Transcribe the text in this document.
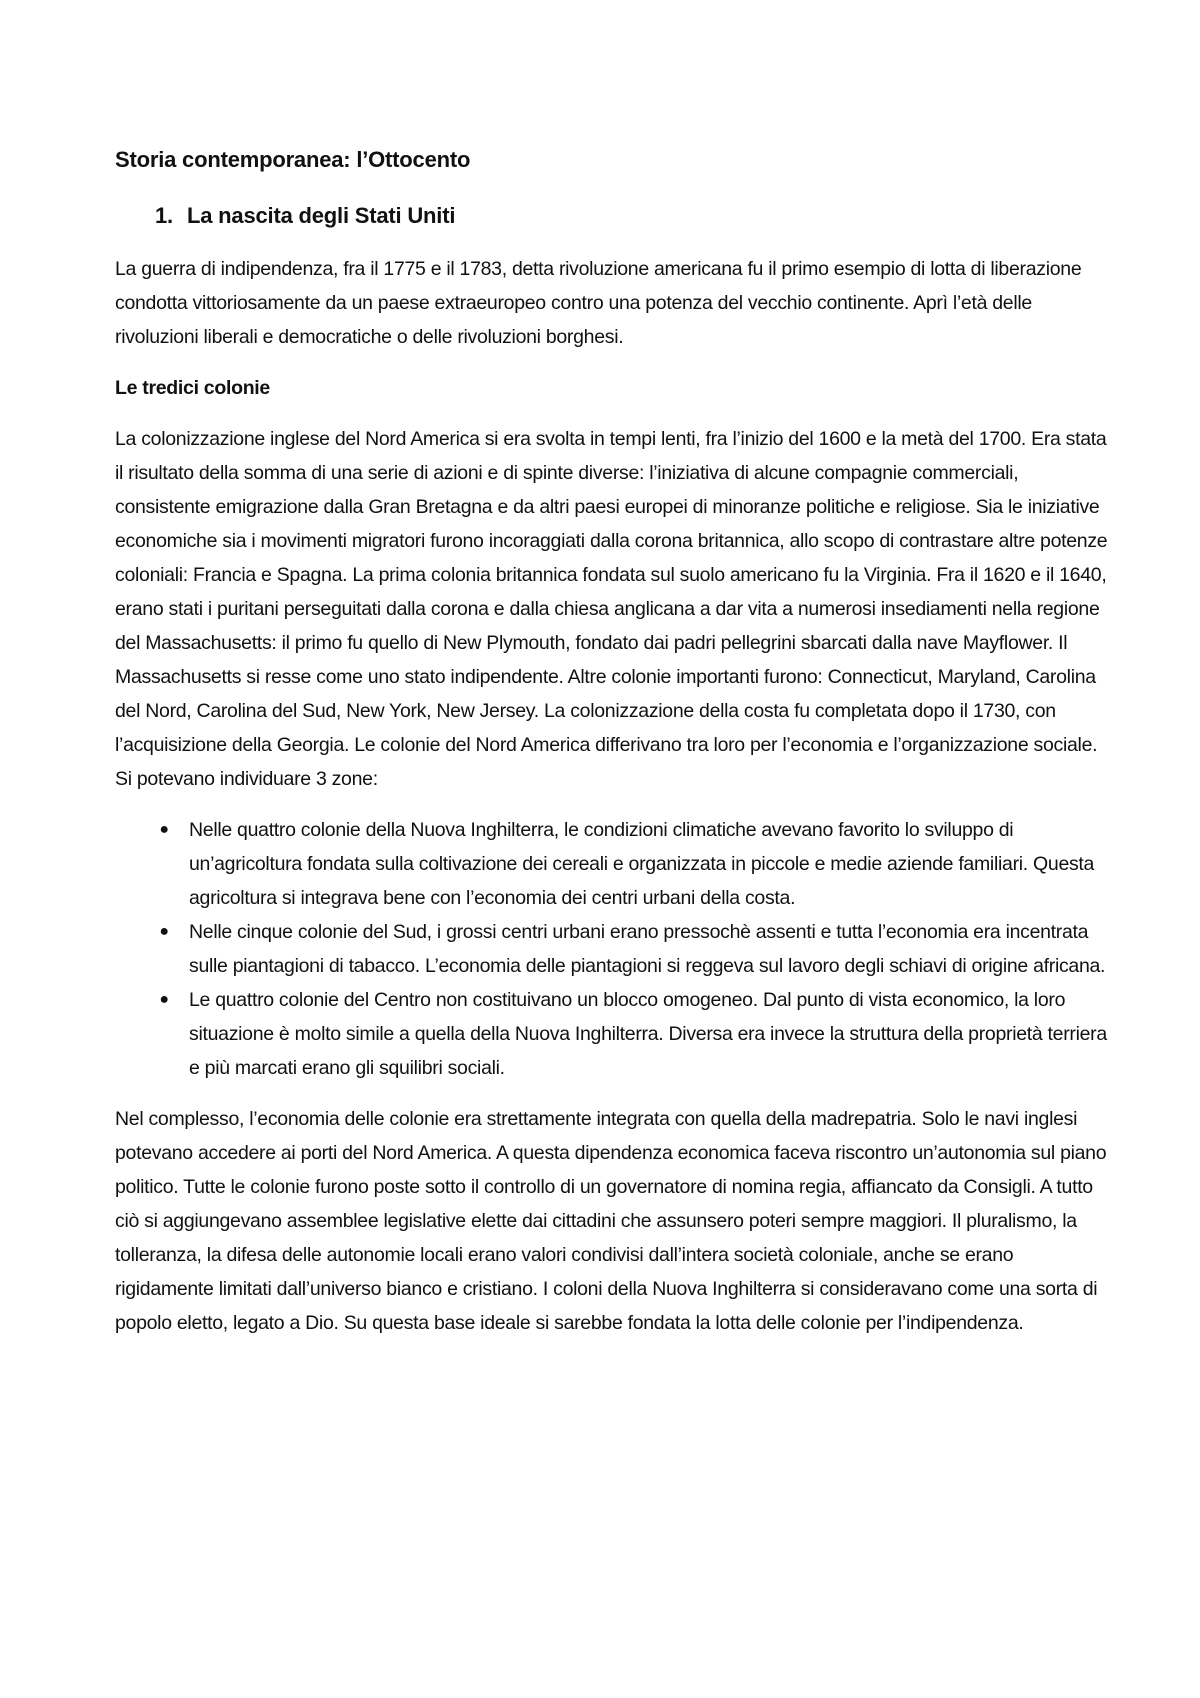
Storia contemporanea: l’Ottocento
1. La nascita degli Stati Uniti

La guerra di indipendenza, fra il 1775 e il 1783, detta rivoluzione americana fu il primo esempio di lotta di liberazione condotta vittoriosamente da un paese extraeuropeo contro una potenza del vecchio continente. Aprì l’età delle rivoluzioni liberali e democratiche o delle rivoluzioni borghesi.

Le tredici colonie

La colonizzazione inglese del Nord America si era svolta in tempi lenti, fra l’inizio del 1600 e la metà del 1700. Era stata il risultato della somma di una serie di azioni e di spinte diverse: l’iniziativa di alcune compagnie commerciali, consistente emigrazione dalla Gran Bretagna e da altri paesi europei di minoranze politiche e religiose. Sia le iniziative economiche sia i movimenti migratori furono incoraggiati dalla corona britannica, allo scopo di contrastare altre potenze coloniali: Francia e Spagna. La prima colonia britannica fondata sul suolo americano fu la Virginia. Fra il 1620 e il 1640, erano stati i puritani perseguitati dalla corona e dalla chiesa anglicana a dar vita a numerosi insediamenti nella regione del Massachusetts: il primo fu quello di New Plymouth, fondato dai padri pellegrini sbarcati dalla nave Mayflower. Il Massachusetts si resse come uno stato indipendente. Altre colonie importanti furono: Connecticut, Maryland, Carolina del Nord, Carolina del Sud, New York, New Jersey. La colonizzazione della costa fu completata dopo il 1730, con l’acquisizione della Georgia. Le colonie del Nord America differivano tra loro per l’economia e l’organizzazione sociale. Si potevano individuare 3 zone:

● Nelle quattro colonie della Nuova Inghilterra, le condizioni climatiche avevano favorito lo sviluppo di un’agricoltura fondata sulla coltivazione dei cereali e organizzata in piccole e medie aziende familiari. Questa agricoltura si integrava bene con l’economia dei centri urbani della costa.
● Nelle cinque colonie del Sud, i grossi centri urbani erano pressochè assenti e tutta l’economia era incentrata sulle piantagioni di tabacco. L’economia delle piantagioni si reggeva sul lavoro degli schiavi di origine africana.
● Le quattro colonie del Centro non costituivano un blocco omogeneo. Dal punto di vista economico, la loro situazione è molto simile a quella della Nuova Inghilterra. Diversa era invece la struttura della proprietà terriera e più marcati erano gli squilibri sociali.

Nel complesso, l’economia delle colonie era strettamente integrata con quella della madrepatria. Solo le navi inglesi potevano accedere ai porti del Nord America. A questa dipendenza economica faceva riscontro un’autonomia sul piano politico. Tutte le colonie furono poste sotto il controllo di un governatore di nomina regia, affiancato da Consigli. A tutto ciò si aggiungevano assemblee legislative elette dai cittadini che assunsero poteri sempre maggiori. Il pluralismo, la tolleranza, la difesa delle autonomie locali erano valori condivisi dall’intera società coloniale, anche se erano rigidamente limitati dall’universo bianco e cristiano. I coloni della Nuova Inghilterra si consideravano come una sorta di popolo eletto, legato a Dio. Su questa base ideale si sarebbe fondata la lotta delle colonie per l’indipendenza.
